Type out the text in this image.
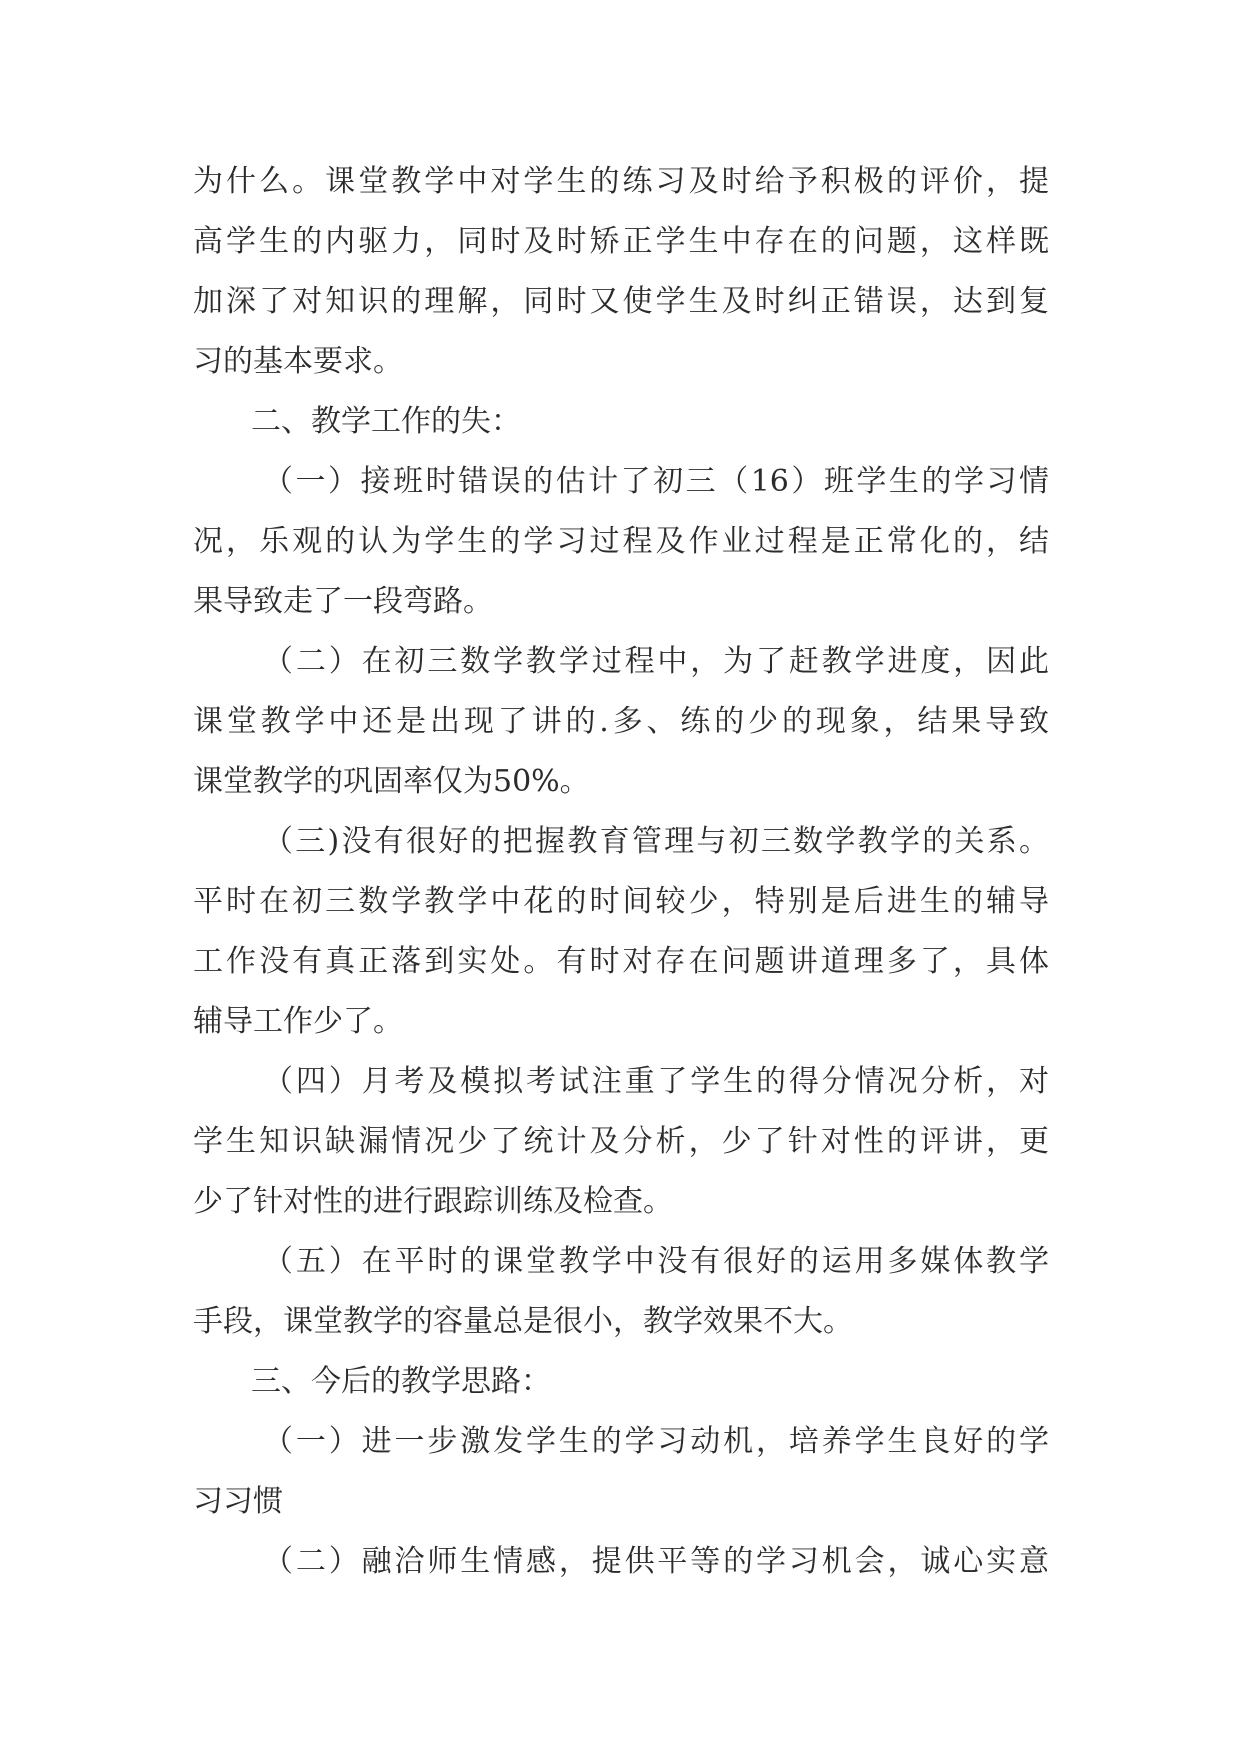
为什么。课堂教学中对学生的练习及时给予积极的评价，提
高学生的内驱力，同时及时矫正学生中存在的问题，这样既
加深了对知识的理解，同时又使学生及时纠正错误，达到复
习的基本要求。
二、教学工作的失：
（一）接班时错误的估计了初三（16）班学生的学习情
况，乐观的认为学生的学习过程及作业过程是正常化的，结
果导致走了一段弯路。
（二）在初三数学教学过程中，为了赶教学进度，因此
课堂教学中还是出现了讲的.多、练的少的现象，结果导致
课堂教学的巩固率仅为50%。
（三)没有很好的把握教育管理与初三数学教学的关系。
平时在初三数学教学中花的时间较少，特别是后进生的辅导
工作没有真正落到实处。有时对存在问题讲道理多了，具体
辅导工作少了。
（四）月考及模拟考试注重了学生的得分情况分析，对
学生知识缺漏情况少了统计及分析，少了针对性的评讲，更
少了针对性的进行跟踪训练及检查。
（五）在平时的课堂教学中没有很好的运用多媒体教学
手段，课堂教学的容量总是很小，教学效果不大。
三、今后的教学思路：
（一）进一步激发学生的学习动机，培养学生良好的学
习习惯
（二）融洽师生情感，提供平等的学习机会，诚心实意
